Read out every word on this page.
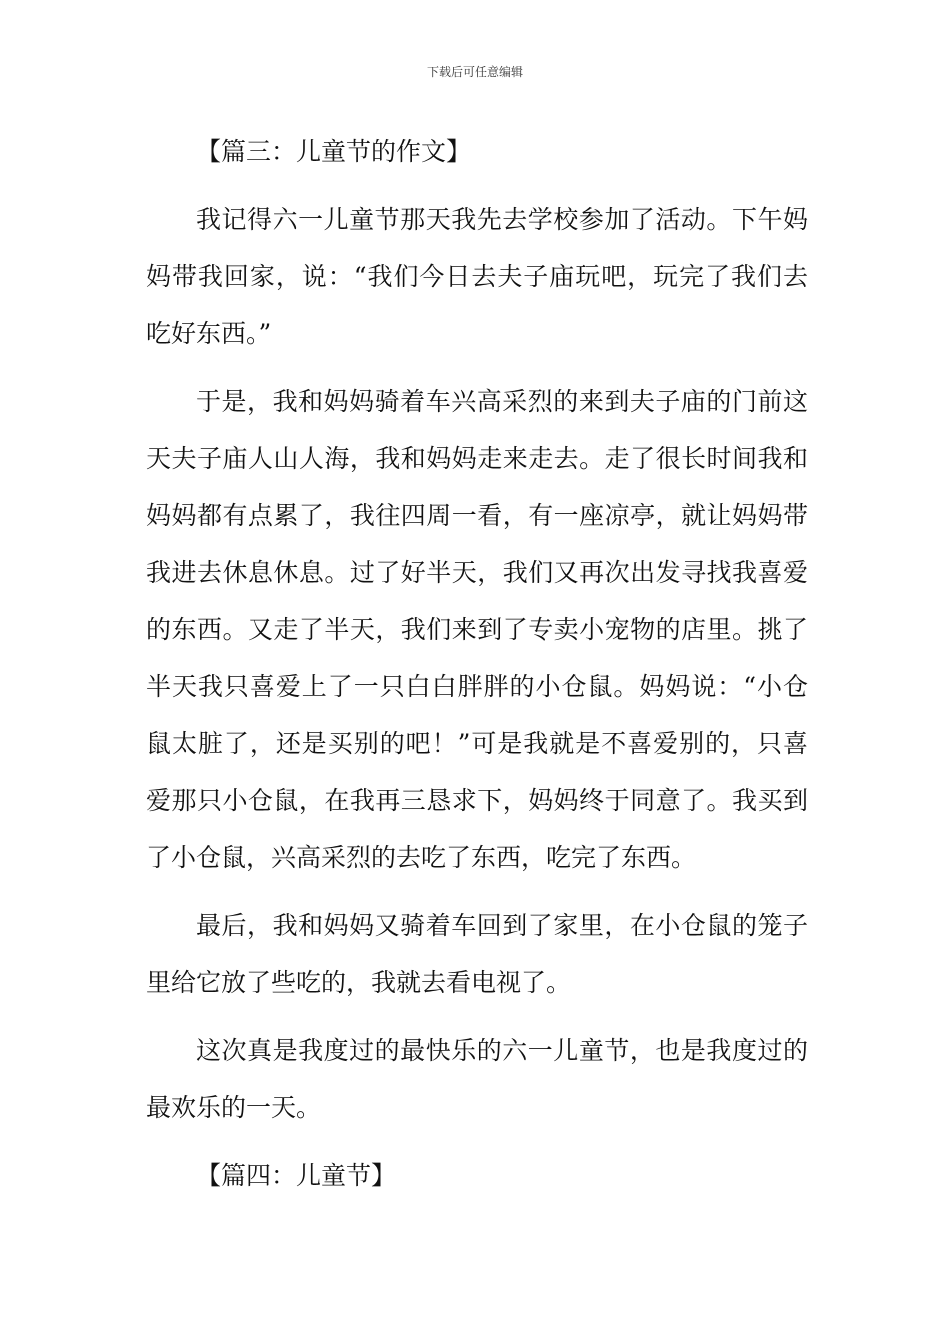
下载后可任意编辑

【篇三：儿童节的作文】

我记得六一儿童节那天我先去学校参加了活动。下午妈妈带我回家，说：“我们今日去夫子庙玩吧，玩完了我们去吃好东西。”

于是，我和妈妈骑着车兴高采烈的来到夫子庙的门前这天夫子庙人山人海，我和妈妈走来走去。走了很长时间我和妈妈都有点累了，我往四周一看，有一座凉亭，就让妈妈带我进去休息休息。过了好半天，我们又再次出发寻找我喜爱的东西。又走了半天，我们来到了专卖小宠物的店里。挑了半天我只喜爱上了一只白白胖胖的小仓鼠。妈妈说：“小仓鼠太脏了，还是买别的吧！”可是我就是不喜爱别的，只喜爱那只小仓鼠，在我再三恳求下，妈妈终于同意了。我买到了小仓鼠，兴高采烈的去吃了东西，吃完了东西。

最后，我和妈妈又骑着车回到了家里，在小仓鼠的笼子里给它放了些吃的，我就去看电视了。

这次真是我度过的最快乐的六一儿童节，也是我度过的最欢乐的一天。

【篇四：儿童节】
